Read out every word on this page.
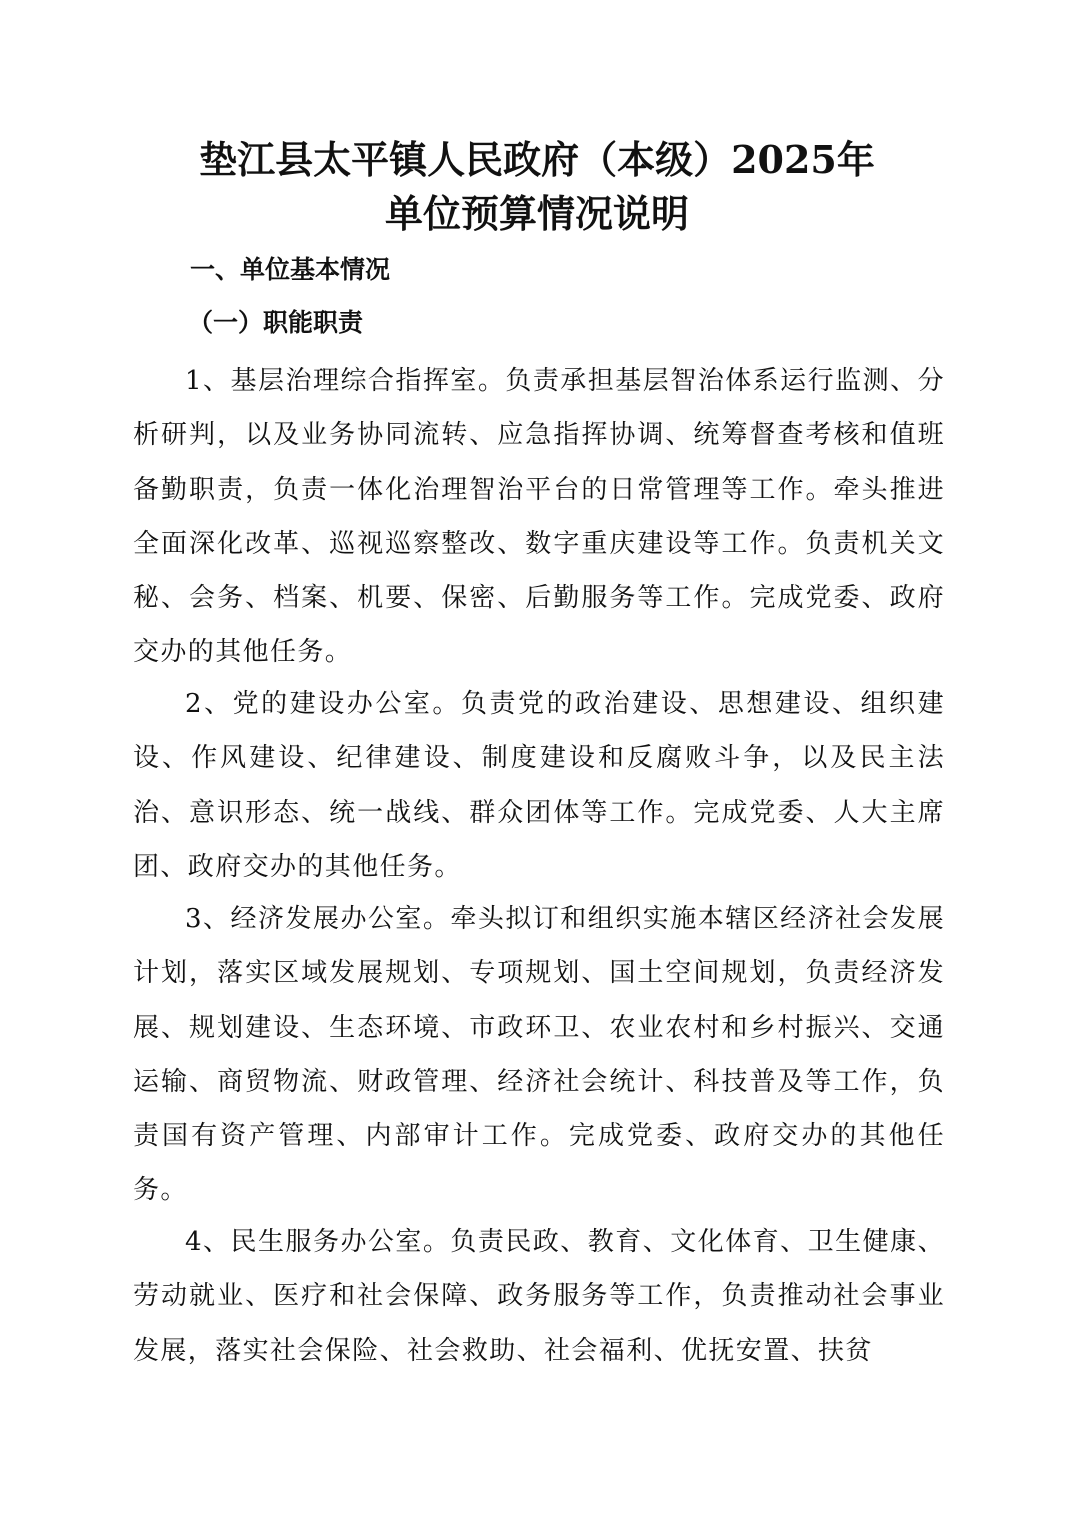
垫江县太平镇人民政府（本级）2025年
单位预算情况说明
一、单位基本情况
（一）职能职责

1、基层治理综合指挥室。负责承担基层智治体系运行监测、分析研判，以及业务协同流转、应急指挥协调、统筹督查考核和值班备勤职责，负责一体化治理智治平台的日常管理等工作。牵头推进全面深化改革、巡视巡察整改、数字重庆建设等工作。负责机关文秘、会务、档案、机要、保密、后勤服务等工作。完成党委、政府交办的其他任务。

2、党的建设办公室。负责党的政治建设、思想建设、组织建设、作风建设、纪律建设、制度建设和反腐败斗争，以及民主法治、意识形态、统一战线、群众团体等工作。完成党委、人大主席团、政府交办的其他任务。

3、经济发展办公室。牵头拟订和组织实施本辖区经济社会发展计划，落实区域发展规划、专项规划、国土空间规划，负责经济发展、规划建设、生态环境、市政环卫、农业农村和乡村振兴、交通运输、商贸物流、财政管理、经济社会统计、科技普及等工作，负责国有资产管理、内部审计工作。完成党委、政府交办的其他任务。

4、民生服务办公室。负责民政、教育、文化体育、卫生健康、劳动就业、医疗和社会保障、政务服务等工作，负责推动社会事业发展，落实社会保险、社会救助、社会福利、优抚安置、扶贫
